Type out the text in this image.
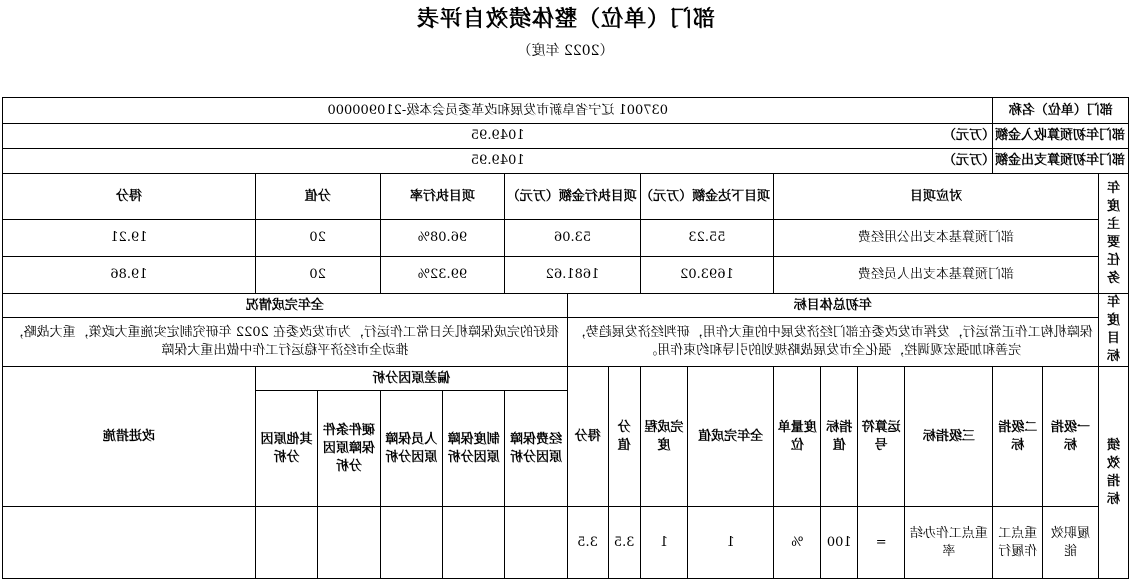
部门（单位）整体绩效自评表
（2022 年度）
部门（单位）名称			037001 辽宁省阜新市发展和改革委员会本级-210900000													
部门年初预算收入金额（万元）			1049.95													
部门年初预算支出金额（万元）			1049.95													
年度主要任务	对应项目						项目下达金额（万元）		项目执行金额（万元）			项目执行率		分值		得分
	部门预算基本支出公用经费						55.23		53.06			96.08%		20		19.21
	部门预算基本支出人员经费						1693.02		1681.62			99.32%		20		19.86
年度目标	年初总体目标										全年完成情况					
	保障机构工作正常运行，发挥市发改委在部门经济发展中的重大作用，研判经济发展趋势，完善和加强宏观调控，强化全市发展战略规划的引导和约束作用。										很好的完成保障机关日常工作运行，为市发改委在 2022 年研究制定实施重大政策，重大战略，推动全市经济平稳运行工作中做出重大保障					
绩效指标	一级指标	二级指标	三级指标	运算符号	指标值	度量单位	全年完成值	完成程度	分值	得分	偏差原因分析					改进措施
											经费保障原因分析	制度保障原因分析	人员保障原因分析	硬件条件保障原因分析	其他原因分析	
	履职效能	重点工作履行	重点工作办结率	=	100	%	1	1	3.5	3.5						
